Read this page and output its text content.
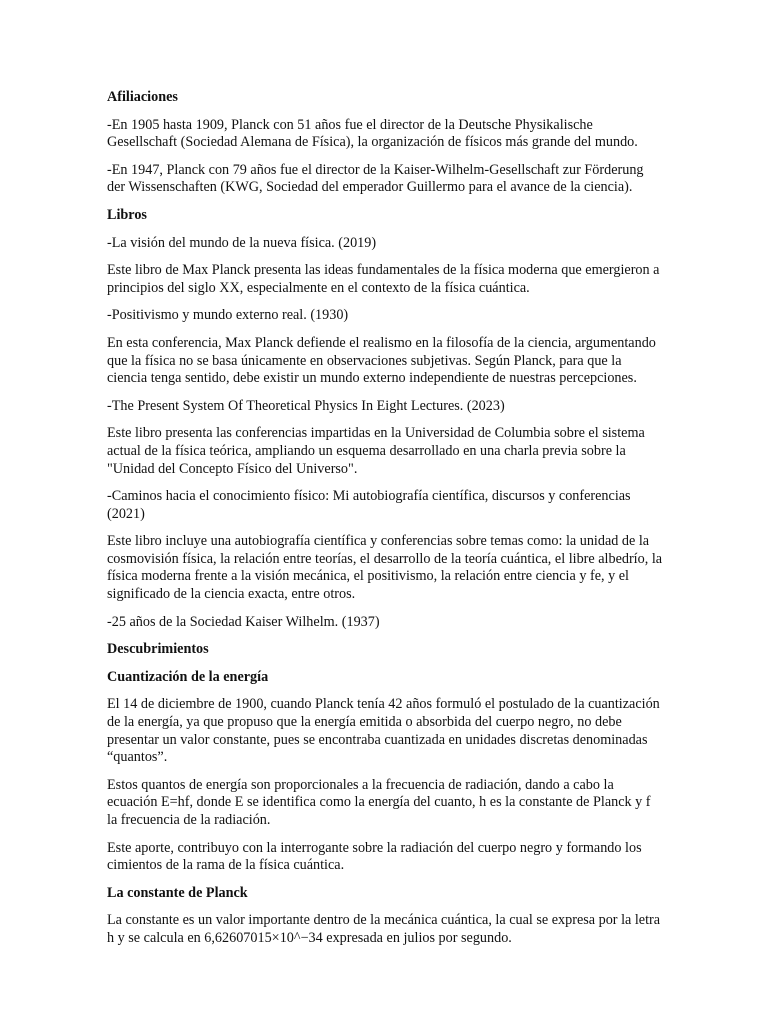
Afiliaciones

-En 1905 hasta 1909, Planck con 51 años fue el director de la Deutsche Physikalische Gesellschaft (Sociedad Alemana de Física), la organización de físicos más grande del mundo.

-En 1947, Planck con 79 años fue el director de la Kaiser-Wilhelm-Gesellschaft zur Förderung der Wissenschaften (KWG, Sociedad del emperador Guillermo para el avance de la ciencia).

Libros

-La visión del mundo de la nueva física. (2019)

Este libro de Max Planck presenta las ideas fundamentales de la física moderna que emergieron a principios del siglo XX, especialmente en el contexto de la física cuántica.

-Positivismo y mundo externo real. (1930)

En esta conferencia, Max Planck defiende el realismo en la filosofía de la ciencia, argumentando que la física no se basa únicamente en observaciones subjetivas. Según Planck, para que la ciencia tenga sentido, debe existir un mundo externo independiente de nuestras percepciones.

-The Present System Of Theoretical Physics In Eight Lectures. (2023)

Este libro presenta las conferencias impartidas en la Universidad de Columbia sobre el sistema actual de la física teórica, ampliando un esquema desarrollado en una charla previa sobre la "Unidad del Concepto Físico del Universo".

-Caminos hacia el conocimiento físico: Mi autobiografía científica, discursos y conferencias (2021)

Este libro incluye una autobiografía científica y conferencias sobre temas como: la unidad de la cosmovisión física, la relación entre teorías, el desarrollo de la teoría cuántica, el libre albedrío, la física moderna frente a la visión mecánica, el positivismo, la relación entre ciencia y fe, y el significado de la ciencia exacta, entre otros.

-25 años de la Sociedad Kaiser Wilhelm. (1937)

Descubrimientos
Cuantización de la energía

El 14 de diciembre de 1900, cuando Planck tenía 42 años formuló el postulado de la cuantización de la energía, ya que propuso que la energía emitida o absorbida del cuerpo negro, no debe presentar un valor constante, pues se encontraba cuantizada en unidades discretas denominadas “quantos”.

Estos quantos de energía son proporcionales a la frecuencia de radiación, dando a cabo la ecuación E=hf, donde E se identifica como la energía del cuanto, h es la constante de Planck y f la frecuencia de la radiación.

Este aporte, contribuyo con la interrogante sobre la radiación del cuerpo negro y formando los cimientos de la rama de la física cuántica.

La constante de Planck

La constante es un valor importante dentro de la mecánica cuántica, la cual se expresa por la letra h y se calcula en 6,62607015×10^−34 expresada en julios por segundo.
